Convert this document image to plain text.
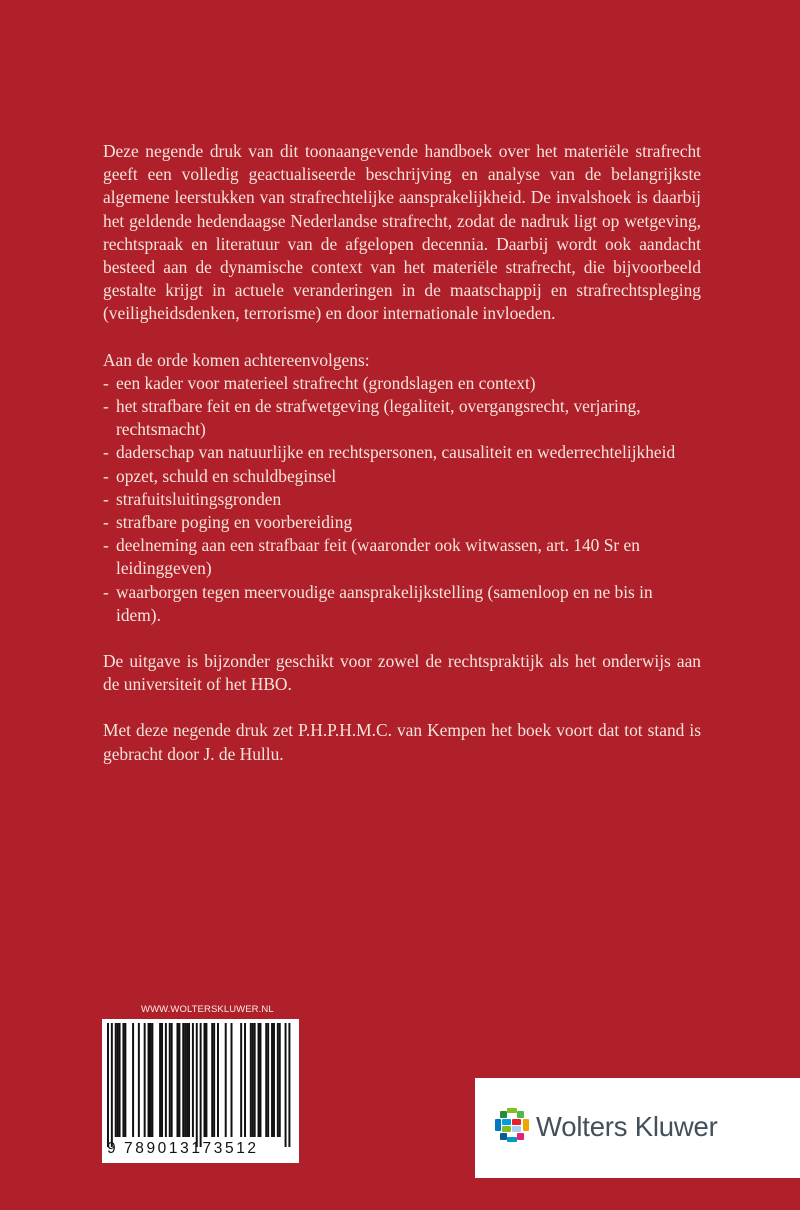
Deze negende druk van dit toonaangevende handboek over het materiële strafrecht geeft een volledig geactualiseerde beschrijving en analyse van de belangrijkste algemene leerstukken van strafrechtelijke aansprakelijkheid. De invalshoek is daarbij het geldende hedendaagse Nederlandse strafrecht, zodat de nadruk ligt op wetgeving, rechtspraak en literatuur van de afgelopen decennia. Daarbij wordt ook aandacht besteed aan de dynamische context van het materiële strafrecht, die bijvoorbeeld gestalte krijgt in actuele veranderingen in de maatschappij en strafrechtspleging (veiligheidsdenken, terrorisme) en door internationale invloeden.

Aan de orde komen achtereenvolgens:

- een kader voor materieel strafrecht (grondslagen en context)
- het strafbare feit en de strafwetgeving (legaliteit, overgangsrecht, verjaring, rechtsmacht)
- daderschap van natuurlijke en rechtspersonen, causaliteit en wederrechtelijkheid
- opzet, schuld en schuldbeginsel
- strafuitsluitingsgronden
- strafbare poging en voorbereiding
- deelneming aan een strafbaar feit (waaronder ook witwassen, art. 140 Sr en leidinggeven)
- waarborgen tegen meervoudige aansprakelijkstelling (samenloop en ne bis in idem).

De uitgave is bijzonder geschikt voor zowel de rechtspraktijk als het onderwijs aan de universiteit of het HBO.

Met deze negende druk zet P.H.P.H.M.C. van Kempen het boek voort dat tot stand is gebracht door J. de Hullu.

WWW.WOLTERSKLUWER.NL
9 789013173512
Wolters Kluwer
